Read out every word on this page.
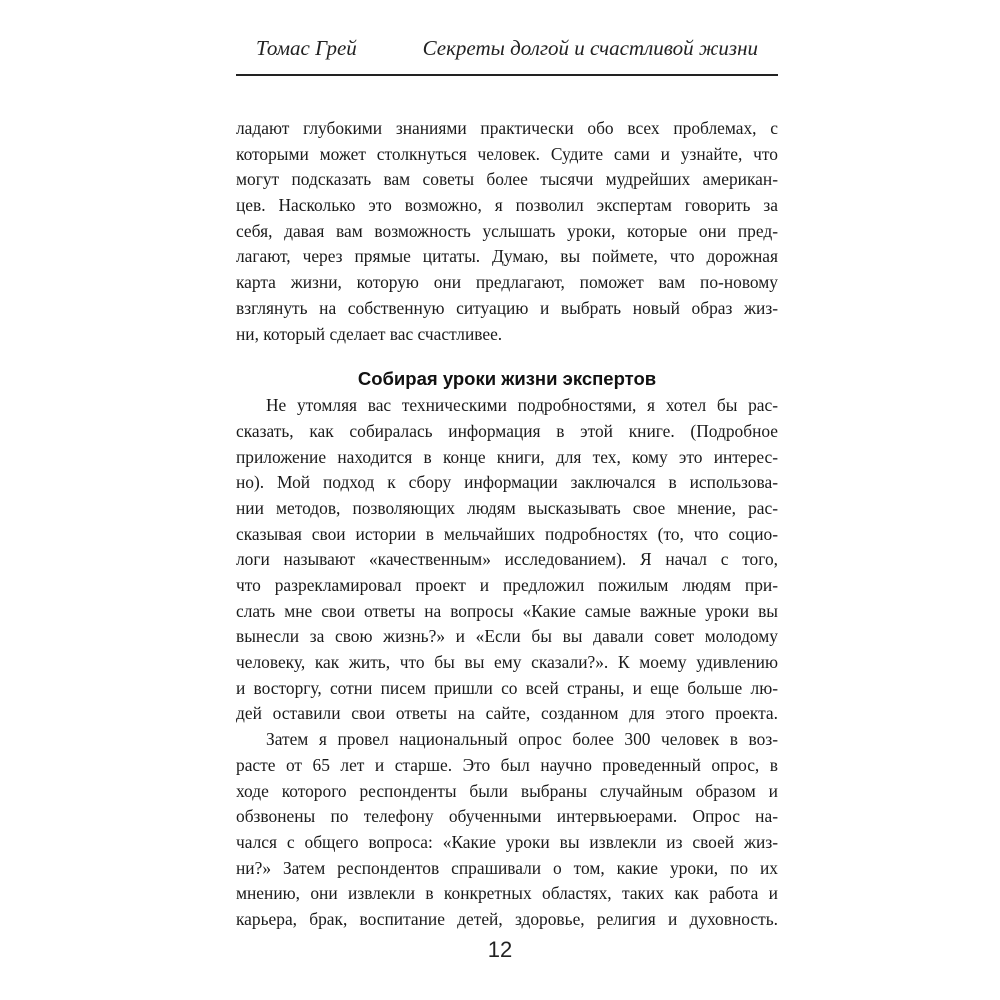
Томас Грей	Секреты долгой и счастливой жизни
ладают глубокими знаниями практически обо всех проблемах, с
которыми может столкнуться человек. Судите сами и узнайте, что
могут подсказать вам советы более тысячи мудрейших американ-
цев. Насколько это возможно, я позволил экспертам говорить за
себя, давая вам возможность услышать уроки, которые они пред-
лагают, через прямые цитаты. Думаю, вы поймете, что дорожная
карта жизни, которую они предлагают, поможет вам по-новому
взглянуть на собственную ситуацию и выбрать новый образ жиз-
ни, который сделает вас счастливее.
Собирая уроки жизни экспертов
Не утомляя вас техническими подробностями, я хотел бы рас-
сказать, как собиралась информация в этой книге. (Подробное
приложение находится в конце книги, для тех, кому это интерес-
но). Мой подход к сбору информации заключался в использова-
нии методов, позволяющих людям высказывать свое мнение, рас-
сказывая свои истории в мельчайших подробностях (то, что социо-
логи называют «качественным» исследованием). Я начал с того,
что разрекламировал проект и предложил пожилым людям при-
слать мне свои ответы на вопросы «Какие самые важные уроки вы
вынесли за свою жизнь?» и «Если бы вы давали совет молодому
человеку, как жить, что бы вы ему сказали?». К моему удивлению
и восторгу, сотни писем пришли со всей страны, и еще больше лю-
дей оставили свои ответы на сайте, созданном для этого проекта.
Затем я провел национальный опрос более 300 человек в воз-
расте от 65 лет и старше. Это был научно проведенный опрос, в
ходе которого респонденты были выбраны случайным образом и
обзвонены по телефону обученными интервьюерами. Опрос на-
чался с общего вопроса: «Какие уроки вы извлекли из своей жиз-
ни?» Затем респондентов спрашивали о том, какие уроки, по их
мнению, они извлекли в конкретных областях, таких как работа и
карьера, брак, воспитание детей, здоровье, религия и духовность.
12
